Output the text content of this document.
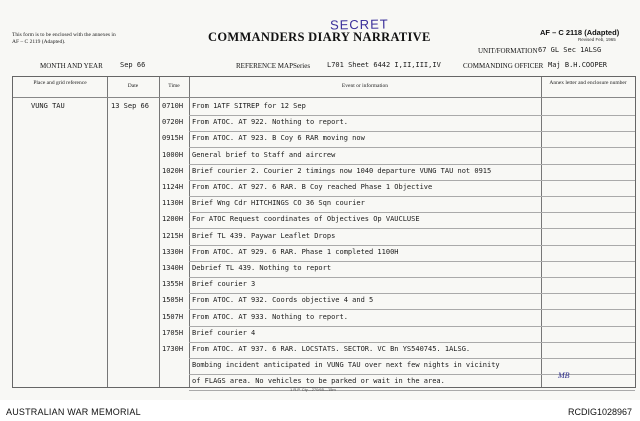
This form is to be enclosed with the annexes in AF – C 2119 (Adapted).
SECRET
COMMANDERS DIARY NARRATIVE	AF – C 2118 (Adapted)
Revised Feb, 1965
UNIT/FORMATION 67 GL Sec 1ALSG
MONTH AND YEAR Sep 66	REFERENCE MAPSeries L701 Sheet 6442 I,II,III,IV	COMMANDING OFFICER Maj B.H.COOPER
Place and grid reference	Date	Time	Event or information	Annex letter and enclosure number
VUNG TAU	13 Sep 66 0710H From 1ATF SITREP for 12 Sep
0720H From ATOC. AT 922. Nothing to report.
0915H From ATOC. AT 923. B Coy 6 RAR moving now
1000H General brief to Staff and aircrew
1020H Brief courier 2. Courier 2 timings now 1040 departure VUNG TAU not 0915
1124H From ATOC. AT 927. 6 RAR. B Coy reached Phase 1 Objective
1130H Brief Wng Cdr HITCHINGS CO 36 Sqn courier
1200H For ATOC Request coordinates of Objectives Op VAUCLUSE
1215H Brief TL 439. Paywar Leaflet Drops
1330H From ATOC. AT 929. 6 RAR. Phase 1 completed 1100H
1340H Debrief TL 439. Nothing to report
1355H Brief courier 3
1505H From ATOC. AT 932. Coords objective 4 and 5
1507H From ATOC. AT 933. Nothing to report.
1705H Brief courier 4
1730H From ATOC. AT 937. 6 RAR. LOCSTATS. SECTOR. VC Bn YS540745. 1ALSG.
Bombing incident anticipated in VUNG TAU over next few nights in vicinity
of FLAGS area. No vehicles to be parked or wait in the area.
1 R.P. Cty—270/65—15m
MB
AUSTRALIAN WAR MEMORIAL	RCDIG1028967
